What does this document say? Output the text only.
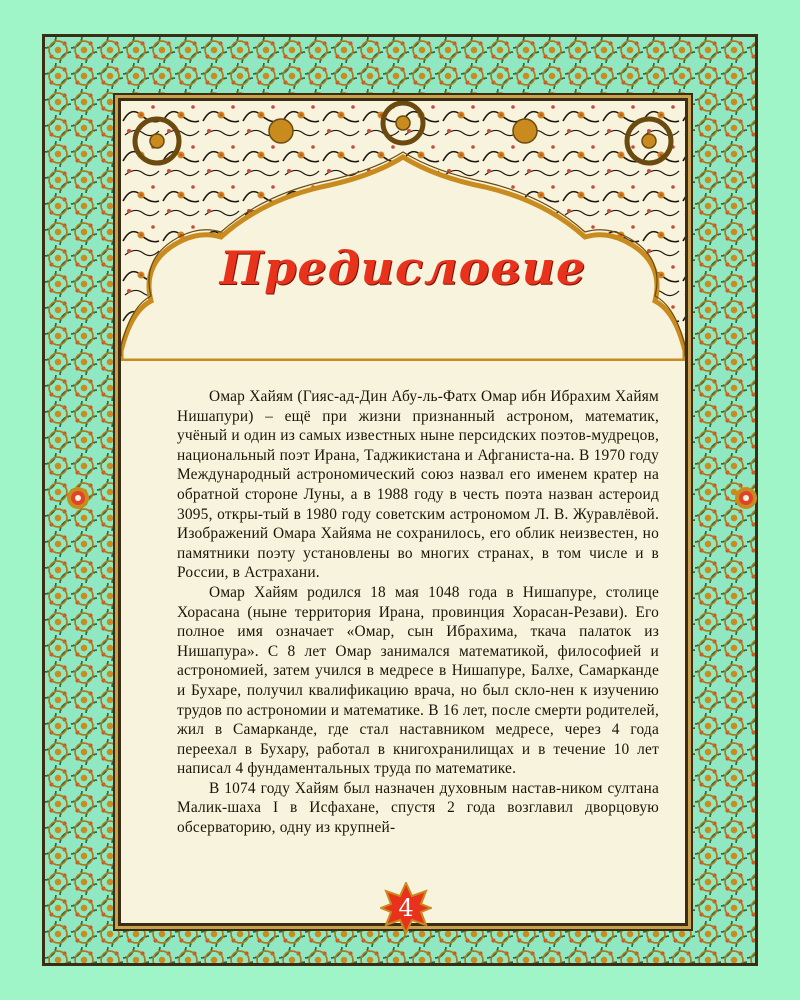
Предисловие

Омар Хайям (Гияс-ад-Дин Абу-ль-Фатх Омар ибн Ибрахим Хайям Нишапури) – ещё при жизни признанный астроном, математик, учёный и один из самых известных ныне персидских поэтов-мудрецов, национальный поэт Ирана, Таджикистана и Афганиста-на. В 1970 году Международный астрономический союз назвал его именем кратер на обратной стороне Луны, а в 1988 году в честь поэта назван астероид 3095, откры-тый в 1980 году советским астрономом Л. В. Журавлёвой. Изображений Омара Хайяма не сохранилось, его облик неизвестен, но памятники поэту установлены во многих странах, в том числе и в России, в Астрахани.

Омар Хайям родился 18 мая 1048 года в Нишапуре, столице Хорасана (ныне территория Ирана, провинция Хорасан-Резави). Его полное имя означает «Омар, сын Ибрахима, ткача палаток из Нишапура». С 8 лет Омар занимался математикой, философией и астрономией, затем учился в медресе в Нишапуре, Балхе, Самарканде и Бухаре, получил квалификацию врача, но был скло-нен к изучению трудов по астрономии и математике. В 16 лет, после смерти родителей, жил в Самарканде, где стал наставником медресе, через 4 года переехал в Бухару, работал в книгохранилищах и в течение 10 лет написал 4 фундаментальных труда по математике.

В 1074 году Хайям был назначен духовным настав-ником султана Малик-шаха I в Исфахане, спустя 2 года возглавил дворцовую обсерваторию, одну из крупней-

4
